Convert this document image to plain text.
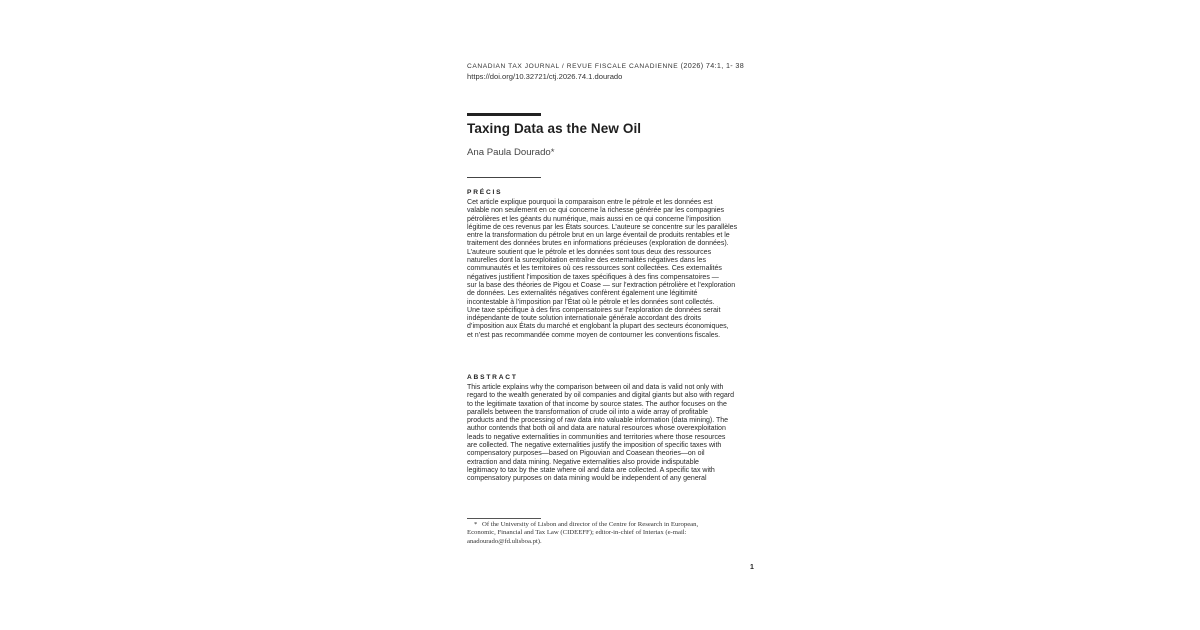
CANADIAN TAX JOURNAL / REVUE FISCALE CANADIENNE (2026) 74:1, 1- 38
https://doi.org/10.32721/ctj.2026.74.1.dourado
Taxing Data as the New Oil
Ana Paula Dourado*
PRÉCIS
Cet article explique pourquoi la comparaison entre le pétrole et les données est
valable non seulement en ce qui concerne la richesse générée par les compagnies
pétrolières et les géants du numérique, mais aussi en ce qui concerne l’imposition
légitime de ces revenus par les États sources. L’auteure se concentre sur les parallèles
entre la transformation du pétrole brut en un large éventail de produits rentables et le
traitement des données brutes en informations précieuses (exploration de données).
L’auteure soutient que le pétrole et les données sont tous deux des ressources
naturelles dont la surexploitation entraîne des externalités négatives dans les
communautés et les territoires où ces ressources sont collectées. Ces externalités
négatives justifient l’imposition de taxes spécifiques à des fins compensatoires —
sur la base des théories de Pigou et Coase — sur l’extraction pétrolière et l’exploration
de données. Les externalités négatives confèrent également une légitimité
incontestable à l’imposition par l’État où le pétrole et les données sont collectés.
Une taxe spécifique à des fins compensatoires sur l’exploration de données serait
indépendante de toute solution internationale générale accordant des droits
d’imposition aux États du marché et englobant la plupart des secteurs économiques,
et n’est pas recommandée comme moyen de contourner les conventions fiscales.
ABSTRACT
This article explains why the comparison between oil and data is valid not only with
regard to the wealth generated by oil companies and digital giants but also with regard
to the legitimate taxation of that income by source states. The author focuses on the
parallels between the transformation of crude oil into a wide array of profitable
products and the processing of raw data into valuable information (data mining). The
author contends that both oil and data are natural resources whose overexploitation
leads to negative externalities in communities and territories where those resources
are collected. The negative externalities justify the imposition of specific taxes with
compensatory purposes—based on Pigouvian and Coasean theories—on oil
extraction and data mining. Negative externalities also provide indisputable
legitimacy to tax by the state where oil and data are collected. A specific tax with
compensatory purposes on data mining would be independent of any general
* Of the University of Lisbon and director of the Centre for Research in European,
Economic, Financial and Tax Law (CIDEEFF); editor-in-chief of Intertax (e-mail:
anadourado@fd.ulisboa.pt).
1
